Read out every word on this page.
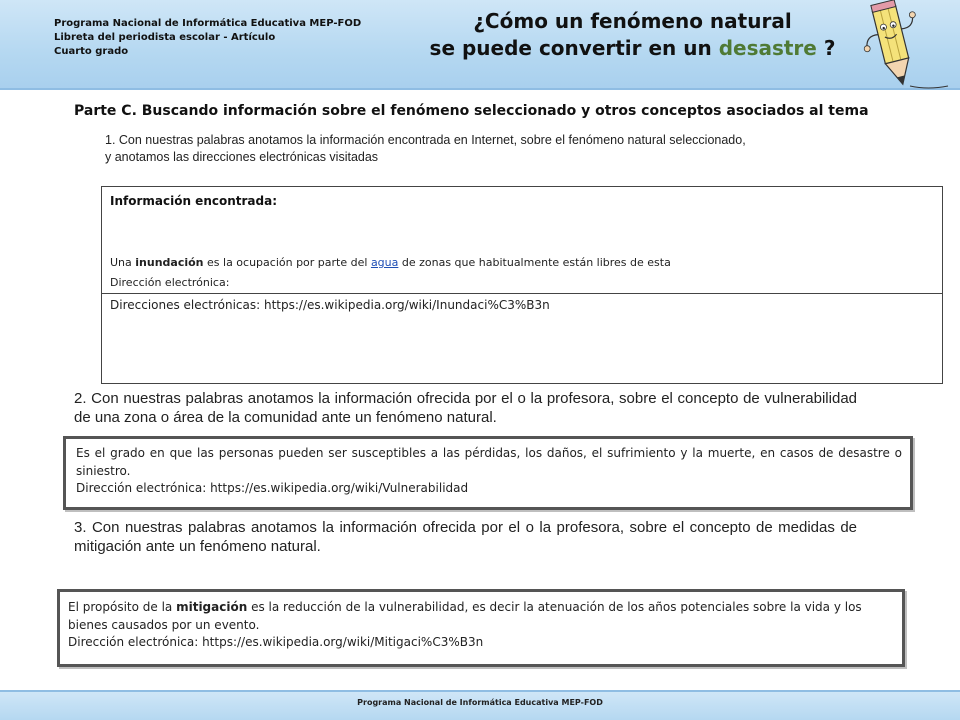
Programa Nacional de Informática Educativa MEP-FOD
Libreta del periodista escolar - Artículo
Cuarto grado
¿Cómo un fenómeno natural
se puede convertir en un desastre ?
Parte C. Buscando información sobre el fenómeno seleccionado y otros conceptos asociados al tema
1. Con nuestras palabras anotamos la información encontrada en Internet, sobre el fenómeno natural seleccionado,
y anotamos las direcciones electrónicas visitadas
Información encontrada:
Una inundación es la ocupación por parte del agua de zonas que habitualmente están libres de esta
Dirección electrónica:
Direcciones electrónicas: https://es.wikipedia.org/wiki/Inundaci%C3%B3n
2. Con nuestras palabras anotamos la información ofrecida por el o la profesora, sobre el concepto de vulnerabilidad de una zona o área de la comunidad ante un fenómeno natural.

Es el grado en que las personas pueden ser susceptibles a las pérdidas, los daños, el sufrimiento y la muerte, en casos de desastre o siniestro.

Dirección electrónica: https://es.wikipedia.org/wiki/Vulnerabilidad

3. Con nuestras palabras anotamos la información ofrecida por el o la profesora, sobre el concepto de medidas de mitigación ante un fenómeno natural.

El propósito de la mitigación es la reducción de la vulnerabilidad, es decir la atenuación de los años potenciales sobre la vida y los bienes causados por un evento.

Dirección electrónica: https://es.wikipedia.org/wiki/Mitigaci%C3%B3n

Programa Nacional de Informática Educativa MEP-FOD
